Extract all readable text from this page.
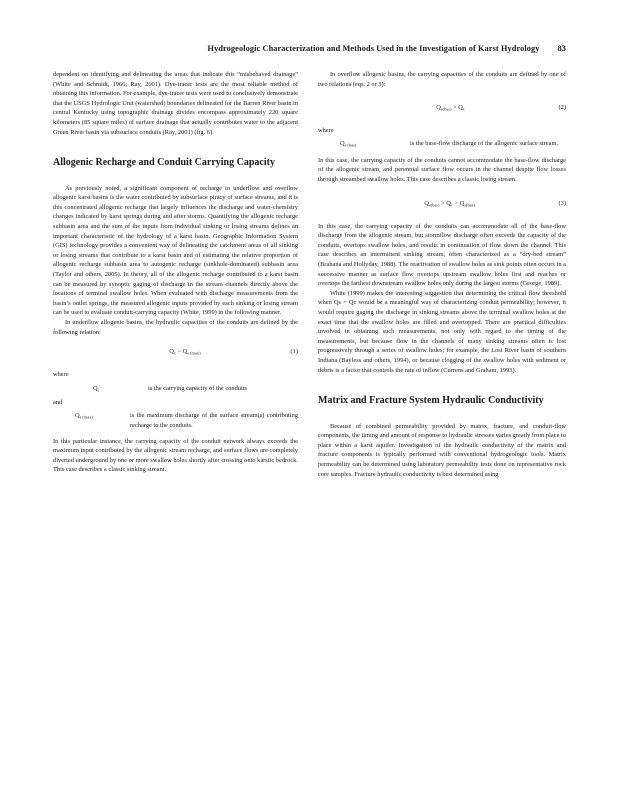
Hydrogeologic Characterization and Methods Used in the Investigation of Karst Hydrology 83

dependent on identifying and delineating the areas that indicate this “misbehaved drainage” (White and Schmidt, 1966; Ray, 2001). Dye-tracer tests are the most reliable method of obtaining this information. For example, dye-tracer tests were used to conclusively demonstrate that the USGS Hydrologic Unit (watershed) boundaries delineated for the Barren River basin in central Kentucky using topographic drainage divides encompass approximately 220 square kilometers (85 square miles) of surface drainage that actually contributes water to the adjacent Green River basin via subsurface conduits (Ray, 2001) (fig. 6).

Allogenic Recharge and Conduit Carrying Capacity

As previously noted, a significant component of recharge to underflow and overflow allogenic karst basins is the water contributed by subsurface piracy of surface streams, and it is this concentrated allogenic recharge that largely influences the discharge and water-chemistry changes indicated by karst springs during and after storms. Quantifying the allogenic recharge subbasin area and the sum of the inputs from individual sinking or losing streams defines an important characteristic of the hydrology of a karst basin. Geographic Information System (GIS) technology provides a convenient way of delineating the catchment areas of all sinking or losing streams that contribute to a karst basin and of estimating the relative proportion of allogenic recharge subbasin area to autogenic recharge (sinkhole-dominated) subbasin area (Taylor and others, 2005). In theory, all of the allogenic recharge contributed to a karst basin can be measured by synoptic gaging of discharge in the stream channels directly above the locations of terminal swallow holes. When evaluated with discharge measurements from the basin’s outlet springs, the measured allogenic inputs provided by each sinking or losing stream can be used to evaluate conduit-carrying capacity (White, 1999) in the following manner.

In underflow allogenic basins, the hydraulic capacities of the conduits are defined by the following relation:

$Q_c > Q_{s (max)}$	(1)
where
$Q_c$	is the carrying capacity of the conduits
and
$Q_{s (max)}$	is the maximum discharge of the surface stream(s) contributing recharge to the conduits.

In this particular instance, the carrying capacity of the conduit network always exceeds the maximum input contributed by the allogenic stream recharge, and surface flows are completely diverted underground by one or more swallow holes shortly after crossing onto karstic bedrock. This case describes a classic sinking stream.

In overflow allogenic basins, the carrying capacities of the conduits are defined by one of two relations (eqs. 2 or 3):

$Q_{s(bas)} > Q_c$	(2)
where
$Q_{s (bas)}$	is the base-flow discharge of the allogenic surface stream.

In this case, the carrying capacity of the conduits cannot accommodate the base-flow discharge of the allogenic stream, and perennial surface flow occurs in the channel despite flow losses through streambed swallow holes. This case describes a classic losing stream.

$Q_{s(bas)} > Q_c > Q_{s(bas)}$	(3)

In this case, the carrying capacity of the conduits can accommodate all of the base-flow discharge from the allogenic stream, but stormflow discharge often exceeds the capacity of the conduits, overtops swallow holes, and results in continuation of flow down the channel. This case describes an intermittent sinking stream, often characterized as a “dry-bed stream” (Brahana and Hollyday, 1988). The reactivation of swallow holes as sink points often occurs in a successive manner as surface flow overtops upstream swallow holes first and reaches or overtops the farthest downstream swallow holes only during the largest storms (George, 1989).

White (1999) makes the interesting suggestion that determining the critical flow threshold when Qs = Qc would be a meaningful way of characterizing conduit permeability; however, it would require gaging the discharge in sinking streams above the terminal swallow holes at the exact time that the swallow holes are filled and overtopped. There are practical difficulties involved in obtaining such measurements, not only with regard to the timing of the measurements, but because flow in the channels of many sinking streams often is lost progressively through a series of swallow holes; for example, the Lost River basin of southern Indiana (Bayless and others, 1994), or because clogging of the swallow holes with sediment or debris is a factor that controls the rate of inflow (Currens and Graham, 1993).

Matrix and Fracture System Hydraulic Conductivity

Because of combined permeability provided by matrix, fracture, and conduit-flow components, the timing and amount of response to hydraulic stresses varies greatly from place to place within a karst aquifer. Investigation of the hydraulic conductivity of the matrix and fracture components is typically performed with conventional hydrogeologic tools. Matrix permeability can be determined using laboratory permeability tests done on representative rock core samples. Fracture hydraulic conductivity is best determined using
